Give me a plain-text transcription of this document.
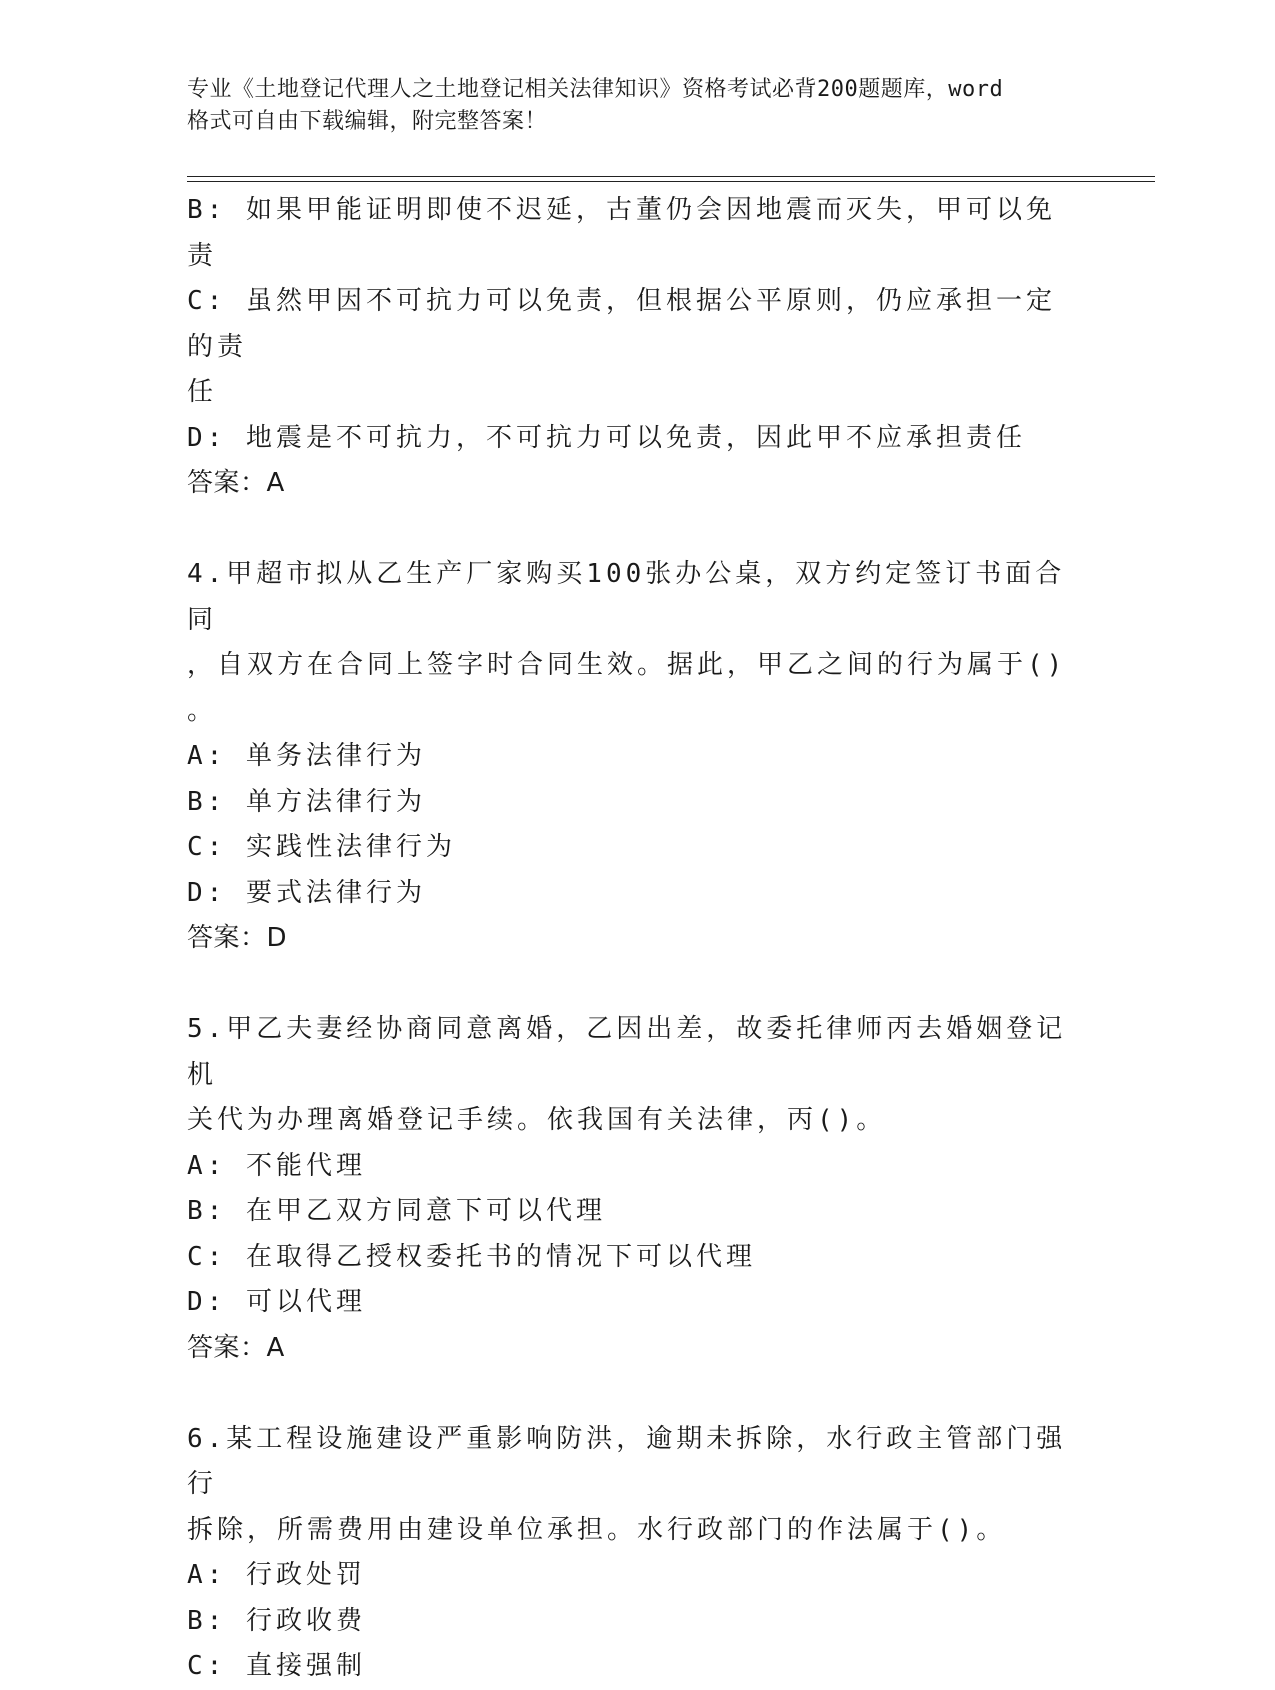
专业《土地登记代理人之土地登记相关法律知识》资格考试必背200题题库，word
格式可自由下载编辑，附完整答案！
B: 如果甲能证明即使不迟延，古董仍会因地震而灭失，甲可以免责
C: 虽然甲因不可抗力可以免责，但根据公平原则，仍应承担一定的责
任
D: 地震是不可抗力，不可抗力可以免责，因此甲不应承担责任
答案：A
4.甲超市拟从乙生产厂家购买100张办公桌，双方约定签订书面合同
，自双方在合同上签字时合同生效。据此，甲乙之间的行为属于()
。
A: 单务法律行为
B: 单方法律行为
C: 实践性法律行为
D: 要式法律行为
答案：D
5.甲乙夫妻经协商同意离婚，乙因出差，故委托律师丙去婚姻登记机
关代为办理离婚登记手续。依我国有关法律，丙()。
A: 不能代理
B: 在甲乙双方同意下可以代理
C: 在取得乙授权委托书的情况下可以代理
D: 可以代理
答案：A
6.某工程设施建设严重影响防洪，逾期未拆除，水行政主管部门强行
拆除，所需费用由建设单位承担。水行政部门的作法属于()。
A: 行政处罚
B: 行政收费
C: 直接强制
